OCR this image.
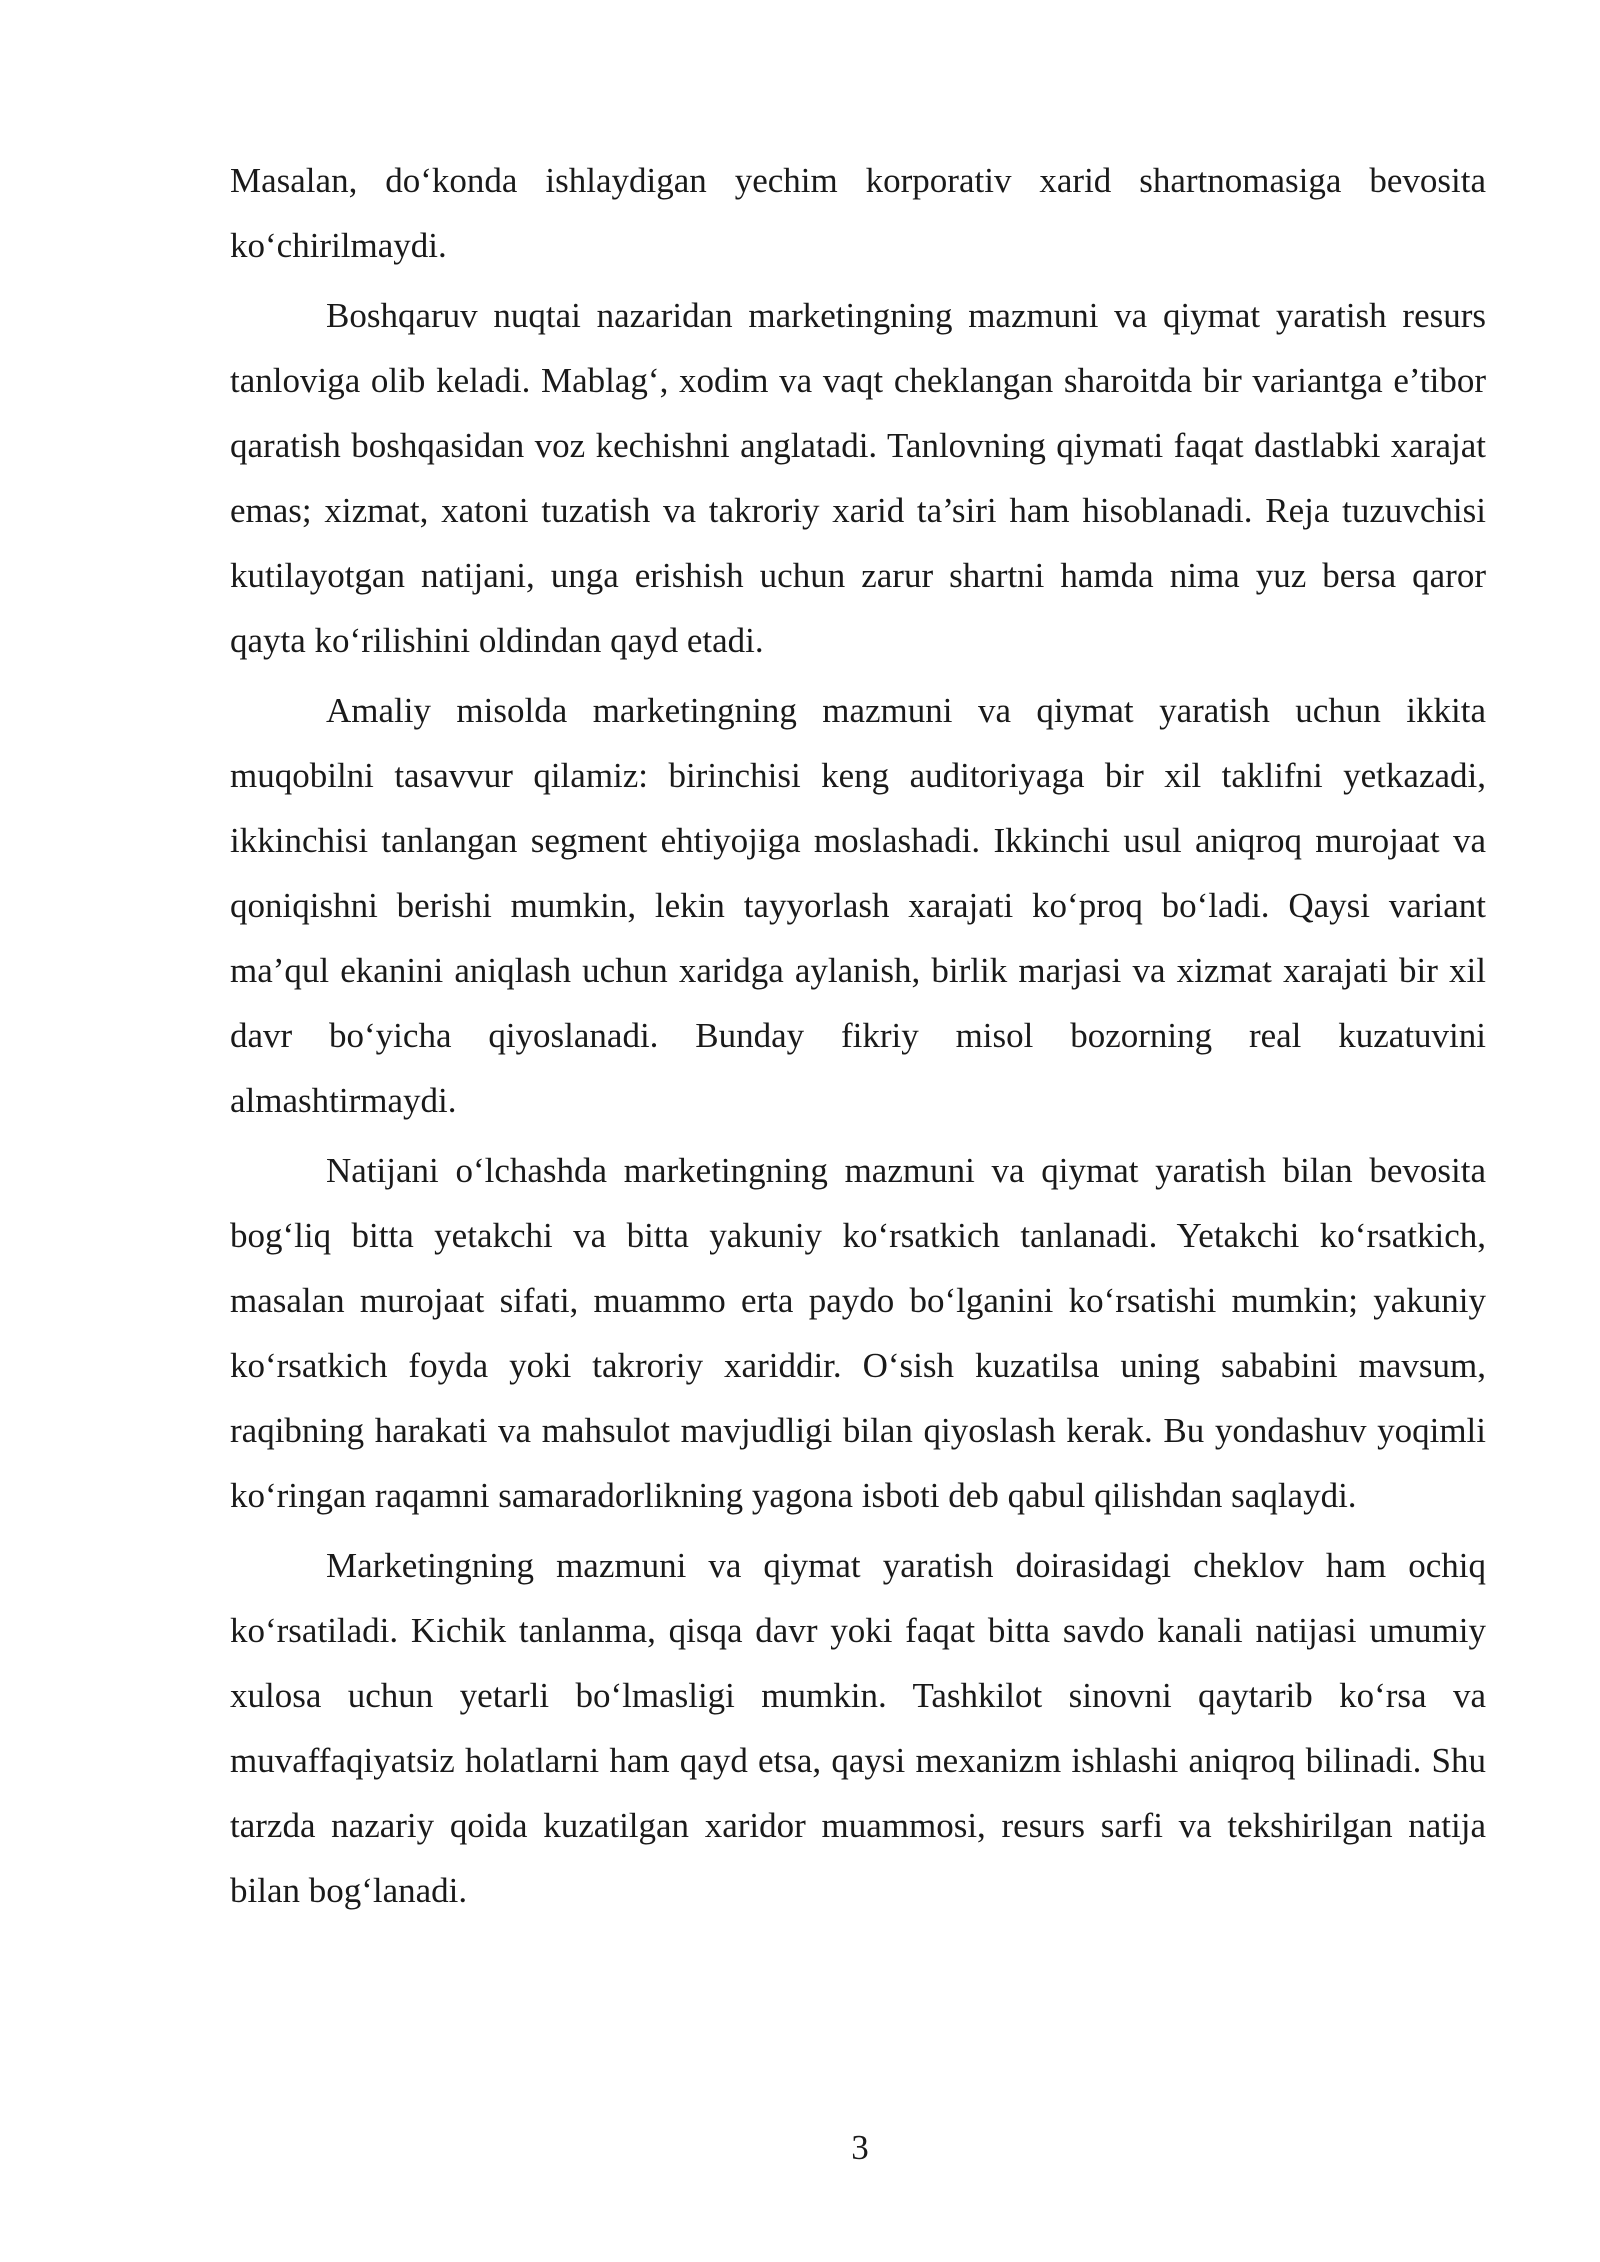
Masalan, do‘konda ishlaydigan yechim korporativ xarid shartnomasiga bevosita ko‘chirilmaydi.

Boshqaruv nuqtai nazaridan marketingning mazmuni va qiymat yaratish resurs tanloviga olib keladi. Mablag‘, xodim va vaqt cheklangan sharoitda bir variantga e’tibor qaratish boshqasidan voz kechishni anglatadi. Tanlovning qiymati faqat dastlabki xarajat emas; xizmat, xatoni tuzatish va takroriy xarid ta’siri ham hisoblanadi. Reja tuzuvchisi kutilayotgan natijani, unga erishish uchun zarur shartni hamda nima yuz bersa qaror qayta ko‘rilishini oldindan qayd etadi.

Amaliy misolda marketingning mazmuni va qiymat yaratish uchun ikkita muqobilni tasavvur qilamiz: birinchisi keng auditoriyaga bir xil taklifni yetkazadi, ikkinchisi tanlangan segment ehtiyojiga moslashadi. Ikkinchi usul aniqroq murojaat va qoniqishni berishi mumkin, lekin tayyorlash xarajati ko‘proq bo‘ladi. Qaysi variant ma’qul ekanini aniqlash uchun xaridga aylanish, birlik marjasi va xizmat xarajati bir xil davr bo‘yicha qiyoslanadi. Bunday fikriy misol bozorning real kuzatuvini almashtirmaydi.

Natijani o‘lchashda marketingning mazmuni va qiymat yaratish bilan bevosita bog‘liq bitta yetakchi va bitta yakuniy ko‘rsatkich tanlanadi. Yetakchi ko‘rsatkich, masalan murojaat sifati, muammo erta paydo bo‘lganini ko‘rsatishi mumkin; yakuniy ko‘rsatkich foyda yoki takroriy xariddir. O‘sish kuzatilsa uning sababini mavsum, raqibning harakati va mahsulot mavjudligi bilan qiyoslash kerak. Bu yondashuv yoqimli ko‘ringan raqamni samaradorlikning yagona isboti deb qabul qilishdan saqlaydi.

Marketingning mazmuni va qiymat yaratish doirasidagi cheklov ham ochiq ko‘rsatiladi. Kichik tanlanma, qisqa davr yoki faqat bitta savdo kanali natijasi umumiy xulosa uchun yetarli bo‘lmasligi mumkin. Tashkilot sinovni qaytarib ko‘rsa va muvaffaqiyatsiz holatlarni ham qayd etsa, qaysi mexanizm ishlashi aniqroq bilinadi. Shu tarzda nazariy qoida kuzatilgan xaridor muammosi, resurs sarfi va tekshirilgan natija bilan bog‘lanadi.

3
